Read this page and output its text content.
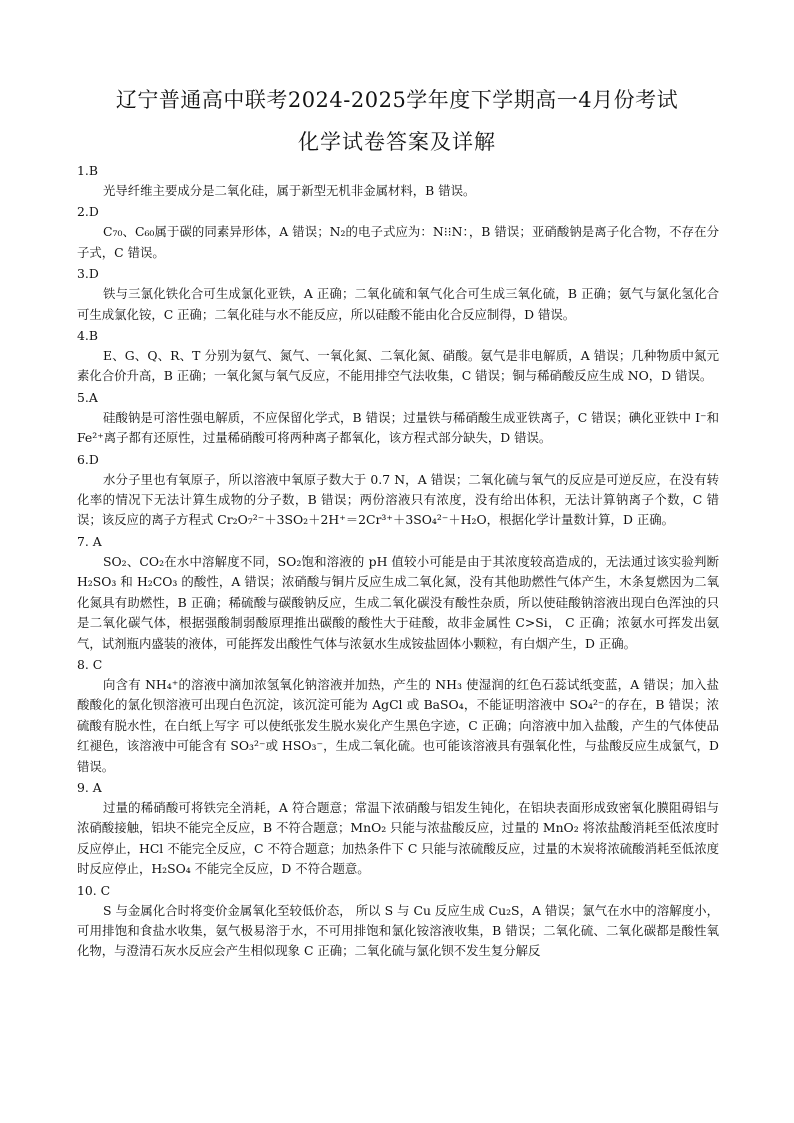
辽宁普通高中联考2024-2025学年度下学期高一4月份考试
化学试卷答案及详解
1.B
光导纤维主要成分是二氧化硅，属于新型无机非金属材料，B 错误。
2.D
C₇₀、C₆₀属于碳的同素异形体，A 错误；N₂的电子式应为：N⁝⁝N：，B 错误；亚硝酸钠是离子化合物，不存在分子式，C 错误。
3.D
铁与三氯化铁化合可生成氯化亚铁，A 正确；二氧化硫和氧气化合可生成三氧化硫，B 正确；氨气与氯化氢化合可生成氯化铵，C 正确；二氧化硅与水不能反应，所以硅酸不能由化合反应制得，D 错误。
4.B
E、G、Q、R、T 分别为氨气、氮气、一氧化氮、二氧化氮、硝酸。氨气是非电解质，A 错误；几种物质中氮元素化合价升高，B 正确；一氧化氮与氧气反应，不能用排空气法收集，C 错误；铜与稀硝酸反应生成 NO，D 错误。
5.A
硅酸钠是可溶性强电解质，不应保留化学式，B 错误；过量铁与稀硝酸生成亚铁离子，C 错误；碘化亚铁中 I⁻和 Fe²⁺离子都有还原性，过量稀硝酸可将两种离子都氧化，该方程式部分缺失，D 错误。
6.D
水分子里也有氧原子，所以溶液中氧原子数大于 0.7 N，A 错误；二氧化硫与氧气的反应是可逆反应，在没有转化率的情况下无法计算生成物的分子数，B 错误；两份溶液只有浓度，没有给出体积，无法计算钠离子个数，C 错误；该反应的离子方程式 Cr₂O₇²⁻＋3SO₂＋2H⁺＝2Cr³⁺＋3SO₄²⁻＋H₂O，根据化学计量数计算，D 正确。
7. A
SO₂、CO₂在水中溶解度不同，SO₂饱和溶液的 pH 值较小可能是由于其浓度较高造成的，无法通过该实验判断 H₂SO₃ 和 H₂CO₃ 的酸性，A 错误；浓硝酸与铜片反应生成二氧化氮，没有其他助燃性气体产生，木条复燃因为二氧化氮具有助燃性，B 正确；稀硫酸与碳酸钠反应，生成二氧化碳没有酸性杂质，所以使硅酸钠溶液出现白色浑浊的只是二氧化碳气体，根据强酸制弱酸原理推出碳酸的酸性大于硅酸，故非金属性 C>Si， C 正确；浓氨水可挥发出氨气，试剂瓶内盛装的液体，可能挥发出酸性气体与浓氨水生成铵盐固体小颗粒，有白烟产生，D 正确。
8. C
向含有 NH₄⁺的溶液中滴加浓氢氧化钠溶液并加热，产生的 NH₃ 使湿润的红色石蕊试纸变蓝，A 错误；加入盐酸酸化的氯化钡溶液可出现白色沉淀，该沉淀可能为 AgCl 或 BaSO₄，不能证明溶液中 SO₄²⁻的存在，B 错误；浓硫酸有脱水性，在白纸上写字 可以使纸张发生脱水炭化产生黑色字迹，C 正确；向溶液中加入盐酸，产生的气体使品红褪色，该溶液中可能含有 SO₃²⁻或 HSO₃⁻，生成二氧化硫。也可能该溶液具有强氧化性，与盐酸反应生成氯气，D 错误。
9. A
过量的稀硝酸可将铁完全消耗，A 符合题意；常温下浓硝酸与铝发生钝化，在铝块表面形成致密氧化膜阻碍铝与浓硝酸接触，铝块不能完全反应，B 不符合题意；MnO₂ 只能与浓盐酸反应，过量的 MnO₂ 将浓盐酸消耗至低浓度时反应停止，HCl 不能完全反应，C 不符合题意；加热条件下 C 只能与浓硫酸反应，过量的木炭将浓硫酸消耗至低浓度时反应停止，H₂SO₄ 不能完全反应，D 不符合题意。
10. C
S 与金属化合时将变价金属氧化至较低价态， 所以 S 与 Cu 反应生成 Cu₂S，A 错误；氯气在水中的溶解度小，可用排饱和食盐水收集，氨气极易溶于水，不可用排饱和氯化铵溶液收集，B 错误；二氧化硫、二氧化碳都是酸性氧化物，与澄清石灰水反应会产生相似现象 C 正确；二氧化硫与氯化钡不发生复分解反
